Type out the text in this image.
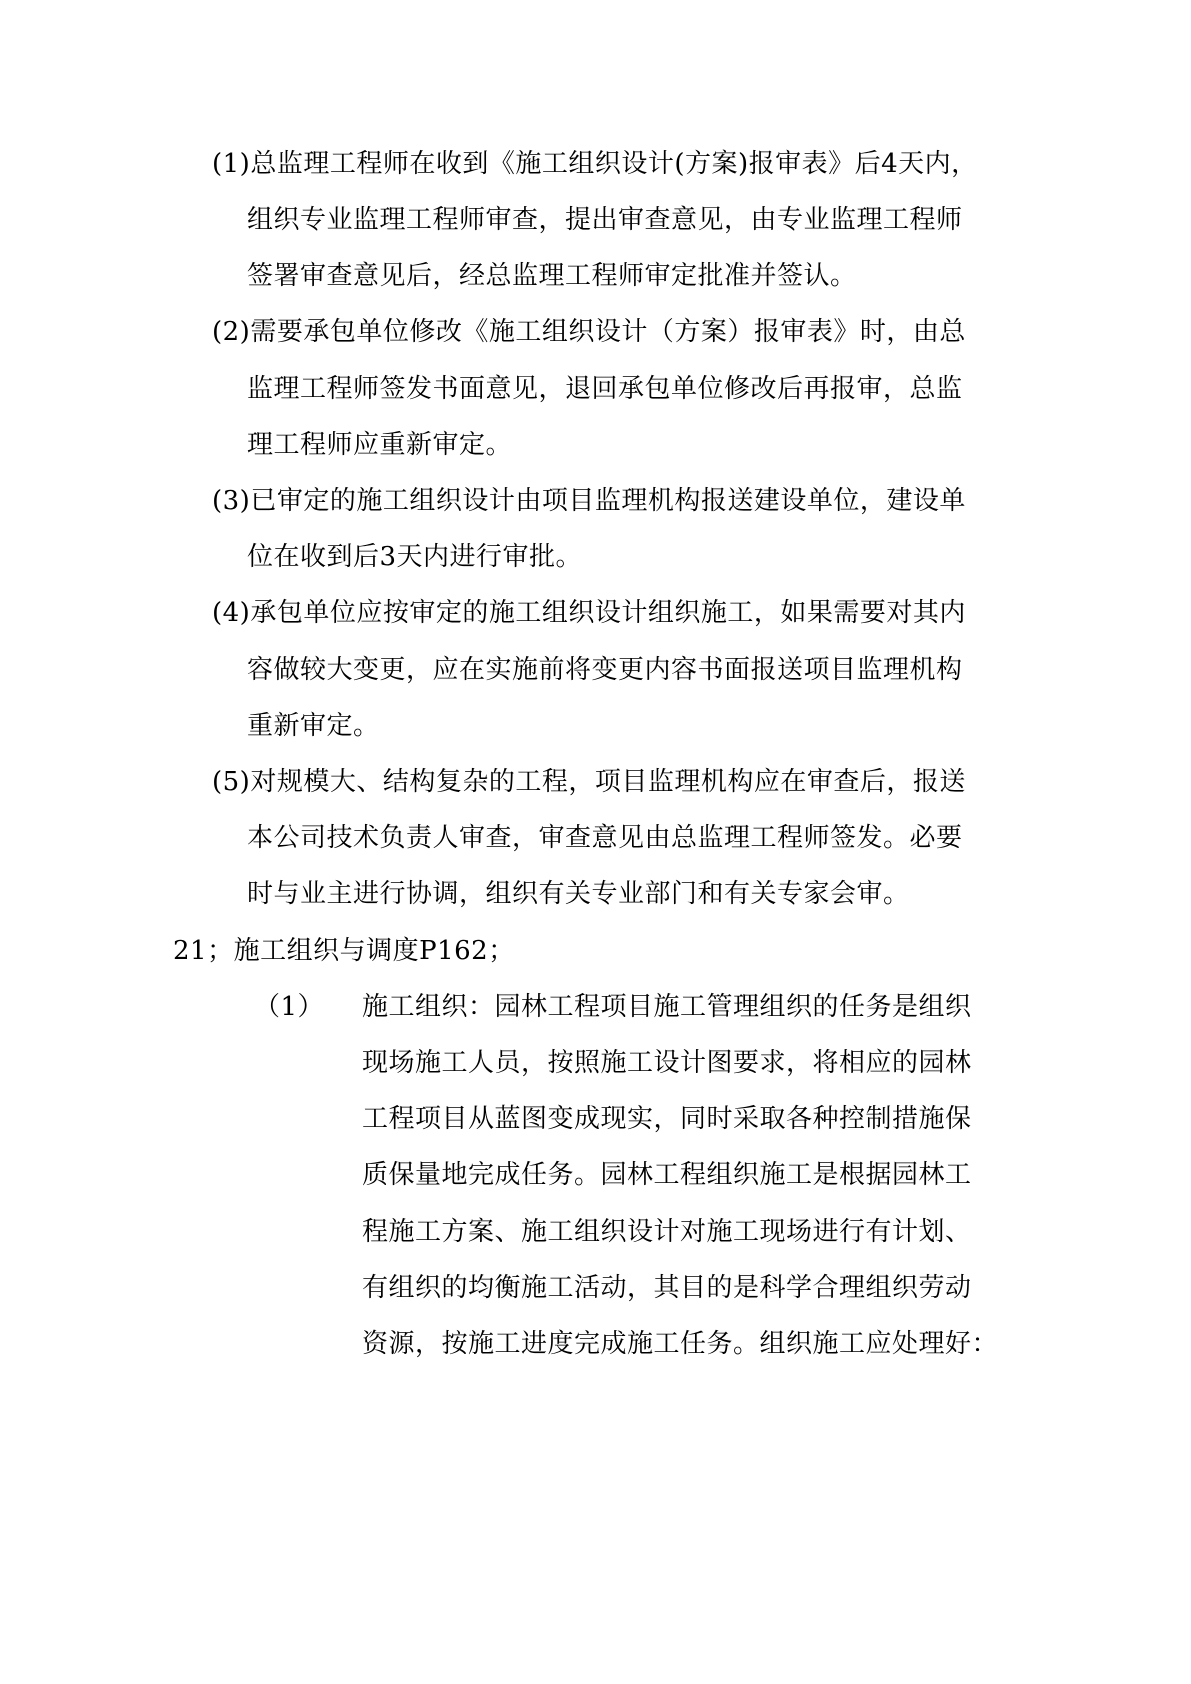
(1)总监理工程师在收到《施工组织设计(方案)报审表》后4天内，
组织专业监理工程师审查，提出审查意见，由专业监理工程师
签署审查意见后，经总监理工程师审定批准并签认。
(2)需要承包单位修改《施工组织设计（方案）报审表》时，由总
监理工程师签发书面意见，退回承包单位修改后再报审，总监
理工程师应重新审定。
(3)已审定的施工组织设计由项目监理机构报送建设单位，建设单
位在收到后3天内进行审批。
(4)承包单位应按审定的施工组织设计组织施工，如果需要对其内
容做较大变更，应在实施前将变更内容书面报送项目监理机构
重新审定。
(5)对规模大、结构复杂的工程，项目监理机构应在审查后，报送
本公司技术负责人审查，审查意见由总监理工程师签发。必要
时与业主进行协调，组织有关专业部门和有关专家会审。
21；施工组织与调度P162；
（1） 施工组织：园林工程项目施工管理组织的任务是组织
现场施工人员，按照施工设计图要求，将相应的园林
工程项目从蓝图变成现实，同时采取各种控制措施保
质保量地完成任务。园林工程组织施工是根据园林工
程施工方案、施工组织设计对施工现场进行有计划、
有组织的均衡施工活动，其目的是科学合理组织劳动
资源，按施工进度完成施工任务。组织施工应处理好：
